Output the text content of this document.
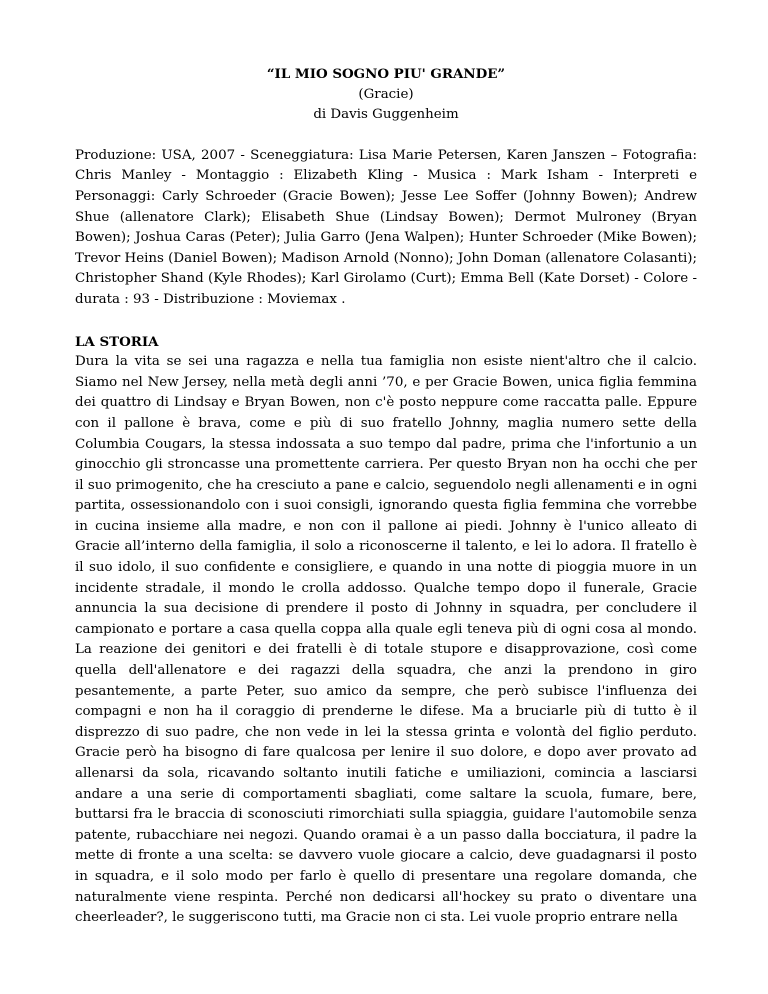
“IL MIO SOGNO PIU' GRANDE”
(Gracie)
di Davis Guggenheim
Produzione: USA, 2007 - Sceneggiatura: Lisa Marie Petersen, Karen Janszen – Fotografia: Chris Manley - Montaggio : Elizabeth Kling - Musica : Mark Isham - Interpreti e Personaggi: Carly Schroeder (Gracie Bowen); Jesse Lee Soffer (Johnny Bowen); Andrew Shue (allenatore Clark); Elisabeth Shue (Lindsay Bowen); Dermot Mulroney (Bryan Bowen); Joshua Caras (Peter); Julia Garro (Jena Walpen); Hunter Schroeder (Mike Bowen); Trevor Heins (Daniel Bowen); Madison Arnold (Nonno); John Doman (allenatore Colasanti); Christopher Shand (Kyle Rhodes); Karl Girolamo (Curt); Emma Bell (Kate Dorset) - Colore - durata : 93 - Distribuzione : Moviemax .
LA STORIA
Dura la vita se sei una ragazza e nella tua famiglia non esiste nient'altro che il calcio. Siamo nel New Jersey, nella metà degli anni ’70, e per Gracie Bowen, unica figlia femmina dei quattro di Lindsay e Bryan Bowen, non c'è posto neppure come raccatta palle. Eppure con il pallone è brava, come e più di suo fratello Johnny, maglia numero sette della Columbia Cougars, la stessa indossata a suo tempo dal padre, prima che l'infortunio a un ginocchio gli stroncasse una promettente carriera. Per questo Bryan non ha occhi che per il suo primogenito, che ha cresciuto a pane e calcio, seguendolo negli allenamenti e in ogni partita, ossessionandolo con i suoi consigli, ignorando questa figlia femmina che vorrebbe in cucina insieme alla madre, e non con il pallone ai piedi. Johnny è l'unico alleato di Gracie all’interno della famiglia, il solo a riconoscerne il talento, e lei lo adora. Il fratello è il suo idolo, il suo confidente e consigliere, e quando in una notte di pioggia muore in un incidente stradale, il mondo le crolla addosso. Qualche tempo dopo il funerale, Gracie annuncia la sua decisione di prendere il posto di Johnny in squadra, per concludere il campionato e portare a casa quella coppa alla quale egli teneva più di ogni cosa al mondo. La reazione dei genitori e dei fratelli è di totale stupore e disapprovazione, così come quella dell'allenatore e dei ragazzi della squadra, che anzi la prendono in giro pesantemente, a parte Peter, suo amico da sempre, che però subisce l'influenza dei compagni e non ha il coraggio di prenderne le difese. Ma a bruciarle più di tutto è il disprezzo di suo padre, che non vede in lei la stessa grinta e volontà del figlio perduto. Gracie però ha bisogno di fare qualcosa per lenire il suo dolore, e dopo aver provato ad allenarsi da sola, ricavando soltanto inutili fatiche e umiliazioni, comincia a lasciarsi andare a una serie di comportamenti sbagliati, come saltare la scuola, fumare, bere, buttarsi fra le braccia di sconosciuti rimorchiati sulla spiaggia, guidare l'automobile senza patente, rubacchiare nei negozi. Quando oramai è a un passo dalla bocciatura, il padre la mette di fronte a una scelta: se davvero vuole giocare a calcio, deve guadagnarsi il posto in squadra, e il solo modo per farlo è quello di presentare una regolare domanda, che naturalmente viene respinta. Perché non dedicarsi all'hockey su prato o diventare una cheerleader?, le suggeriscono tutti, ma Gracie non ci sta. Lei vuole proprio entrare nella
